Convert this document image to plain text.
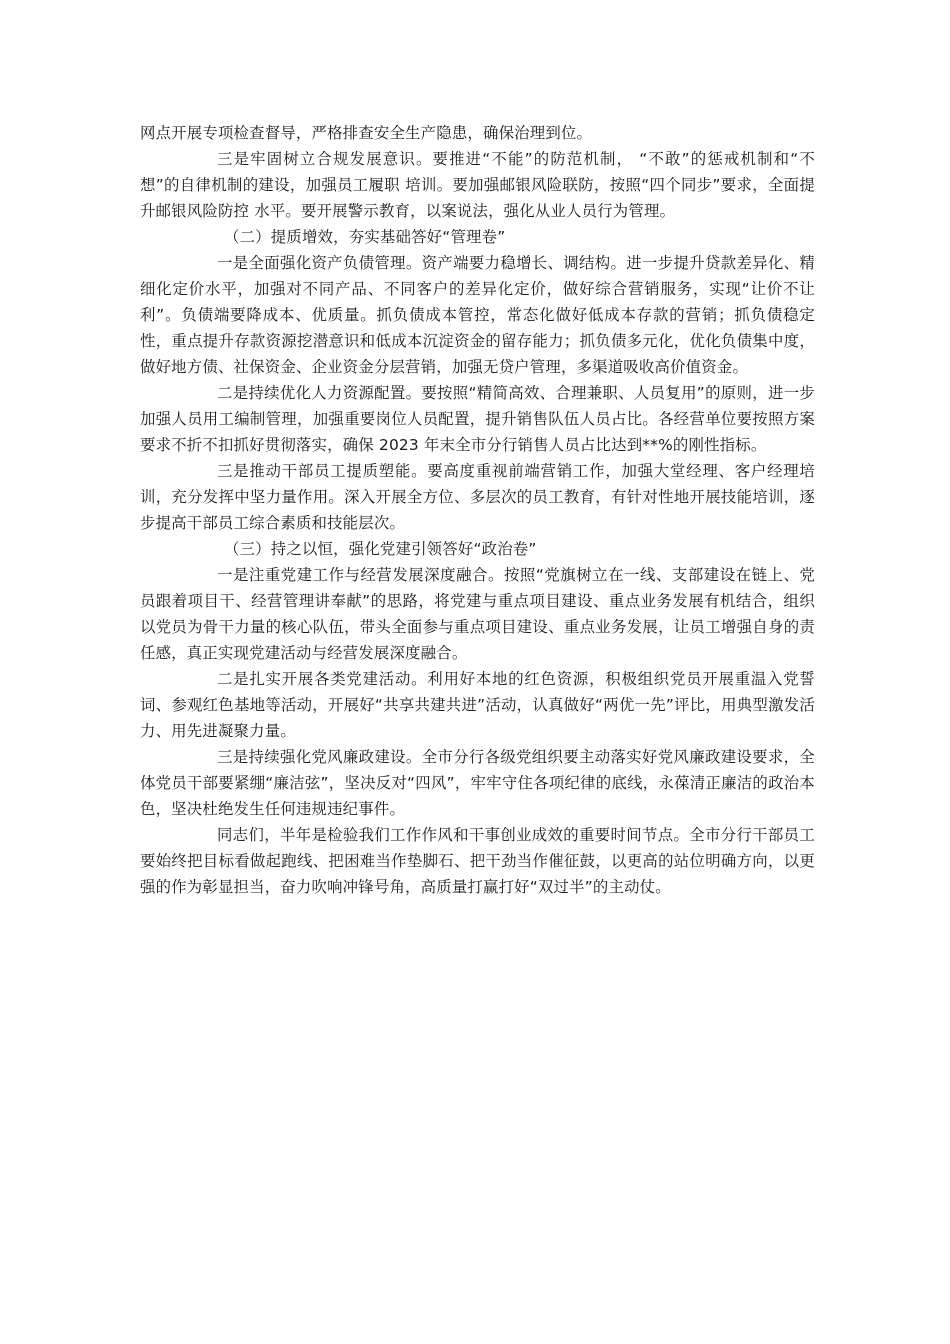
网点开展专项检查督导，严格排查安全生产隐患，确保治理到位。

三是牢固树立合规发展意识。要推进“不能”的防范机制， “不敢”的惩戒机制和“不想”的自律机制的建设，加强员工履职 培训。要加强邮银风险联防，按照“四个同步”要求，全面提升邮银风险防控 水平。要开展警示教育，以案说法，强化从业人员行为管理。

（二）提质增效，夯实基础答好“管理卷”

一是全面强化资产负债管理。资产端要力稳增长、调结构。进一步提升贷款差异化、精细化定价水平，加强对不同产品、不同客户的差异化定价，做好综合营销服务，实现“让价不让利”。负债端要降成本、优质量。抓负债成本管控，常态化做好低成本存款的营销；抓负债稳定性，重点提升存款资源挖潜意识和低成本沉淀资金的留存能力；抓负债多元化，优化负债集中度，做好地方债、社保资金、企业资金分层营销，加强无贷户管理，多渠道吸收高价值资金。

二是持续优化人力资源配置。要按照“精简高效、合理兼职、人员复用”的原则，进一步加强人员用工编制管理，加强重要岗位人员配置，提升销售队伍人员占比。各经营单位要按照方案要求不折不扣抓好贯彻落实，确保 2023 年末全市分行销售人员占比达到**%的刚性指标。

三是推动干部员工提质塑能。要高度重视前端营销工作，加强大堂经理、客户经理培训，充分发挥中坚力量作用。深入开展全方位、多层次的员工教育，有针对性地开展技能培训，逐步提高干部员工综合素质和技能层次。

（三）持之以恒，强化党建引领答好“政治卷”

一是注重党建工作与经营发展深度融合。按照“党旗树立在一线、支部建设在链上、党员跟着项目干、经营管理讲奉献”的思路，将党建与重点项目建设、重点业务发展有机结合，组织以党员为骨干力量的核心队伍，带头全面参与重点项目建设、重点业务发展，让员工增强自身的责任感，真正实现党建活动与经营发展深度融合。

二是扎实开展各类党建活动。利用好本地的红色资源，积极组织党员开展重温入党誓词、参观红色基地等活动，开展好“共享共建共进”活动，认真做好“两优一先”评比，用典型激发活力、用先进凝聚力量。

三是持续强化党风廉政建设。全市分行各级党组织要主动落实好党风廉政建设要求，全体党员干部要紧绷“廉洁弦”，坚决反对“四风”，牢牢守住各项纪律的底线，永葆清正廉洁的政治本色，坚决杜绝发生任何违规违纪事件。

同志们，半年是检验我们工作作风和干事创业成效的重要时间节点。全市分行干部员工要始终把目标看做起跑线、把困难当作垫脚石、把干劲当作催征鼓，以更高的站位明确方向，以更强的作为彰显担当，奋力吹响冲锋号角，高质量打赢打好“双过半”的主动仗。
